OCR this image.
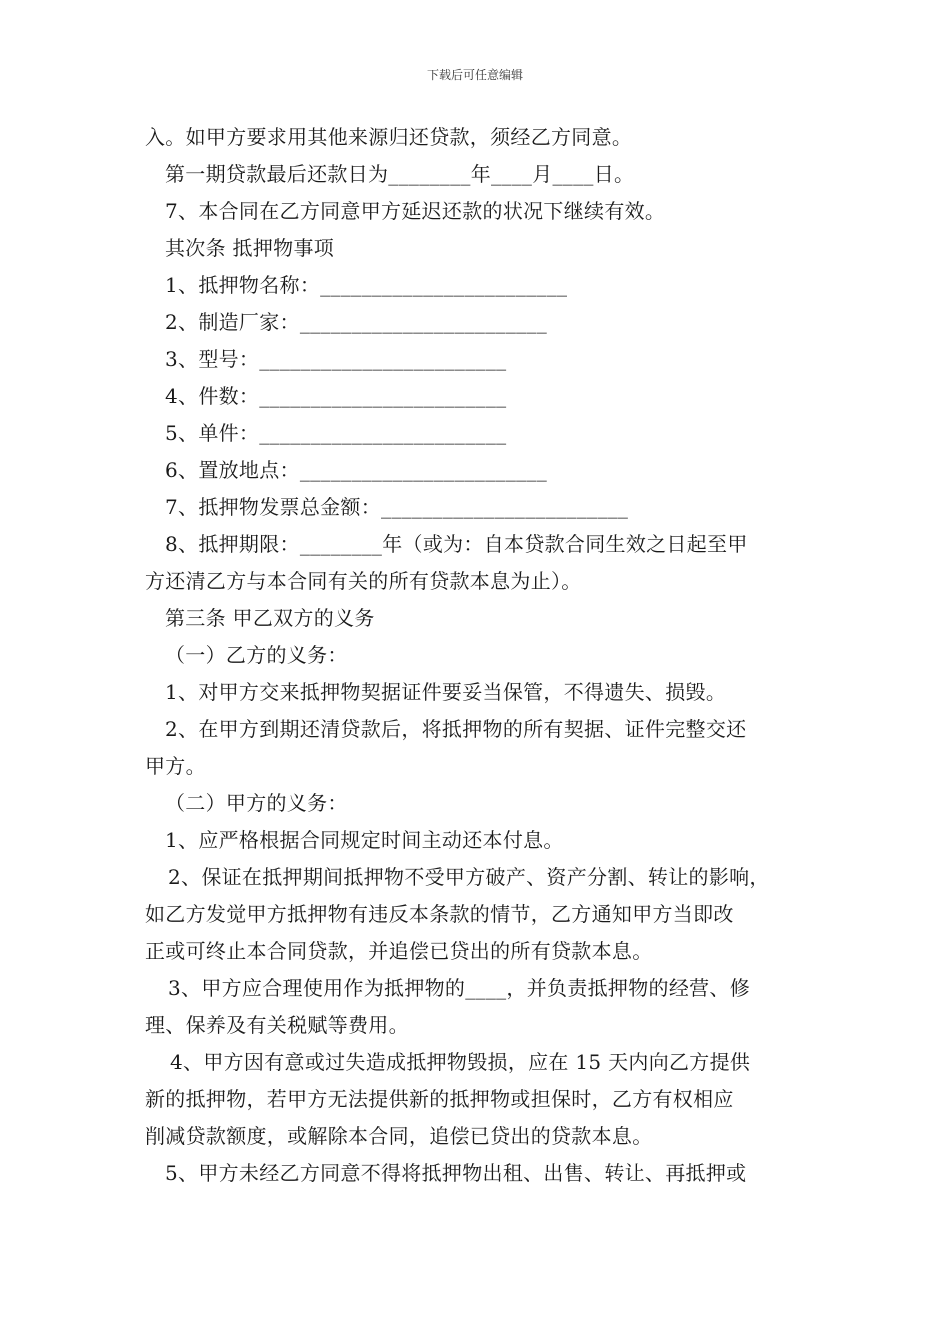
下载后可任意编辑
入。如甲方要求用其他来源归还贷款，须经乙方同意。
第一期贷款最后还款日为________年____月____日。
7、本合同在乙方同意甲方延迟还款的状况下继续有效。
其次条 抵押物事项
1、抵押物名称：________________________
2、制造厂家：________________________
3、型号：________________________
4、件数：________________________
5、单件：________________________
6、置放地点：________________________
7、抵押物发票总金额：________________________
8、抵押期限：________年（或为：自本贷款合同生效之日起至甲
方还清乙方与本合同有关的所有贷款本息为止）。
第三条 甲乙双方的义务
（一）乙方的义务：
1、对甲方交来抵押物契据证件要妥当保管，不得遗失、损毁。
2、在甲方到期还清贷款后，将抵押物的所有契据、证件完整交还
甲方。
（二）甲方的义务：
1、应严格根据合同规定时间主动还本付息。
2、保证在抵押期间抵押物不受甲方破产、资产分割、转让的影响，
如乙方发觉甲方抵押物有违反本条款的情节，乙方通知甲方当即改
正或可终止本合同贷款，并追偿已贷出的所有贷款本息。
3、甲方应合理使用作为抵押物的____，并负责抵押物的经营、修
理、保养及有关税赋等费用。
4、甲方因有意或过失造成抵押物毁损，应在 15 天内向乙方提供
新的抵押物，若甲方无法提供新的抵押物或担保时，乙方有权相应
削减贷款额度，或解除本合同，追偿已贷出的贷款本息。
5、甲方未经乙方同意不得将抵押物出租、出售、转让、再抵押或
